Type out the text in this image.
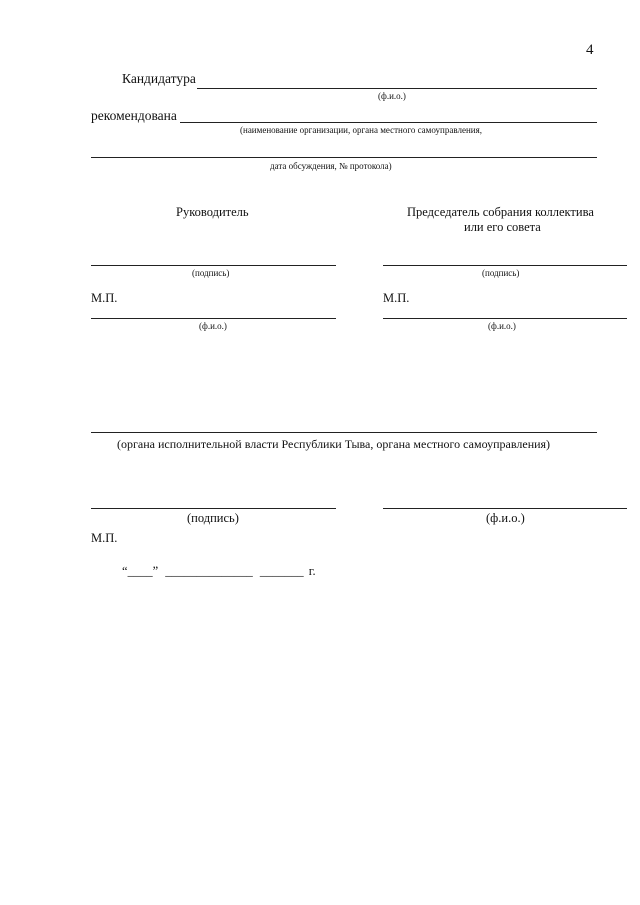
4
Кандидатура
(ф.и.о.)
рекомендована
(наименование организации, органа местного самоуправления,
дата обсуждения, № протокола)
Руководитель
(подпись)
М.П.
(ф.и.о.)
Председатель собрания коллектива
или его совета
(подпись)
М.П.
(ф.и.о.)
(органа исполнительной власти Республики Тыва, органа местного самоуправления)
(подпись)	(ф.и.о.)
М.П.
“____” ______________ _______ г.
